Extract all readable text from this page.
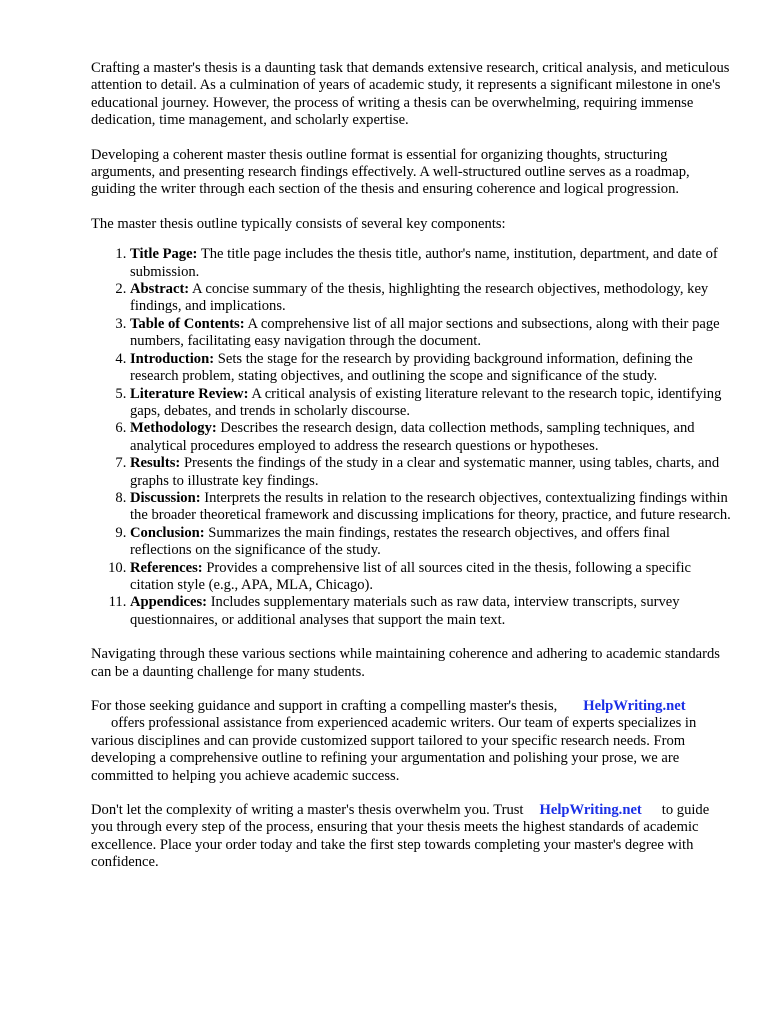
Crafting a master's thesis is a daunting task that demands extensive research, critical analysis, and meticulous attention to detail. As a culmination of years of academic study, it represents a significant milestone in one's educational journey. However, the process of writing a thesis can be overwhelming, requiring immense dedication, time management, and scholarly expertise.

Developing a coherent master thesis outline format is essential for organizing thoughts, structuring arguments, and presenting research findings effectively. A well-structured outline serves as a roadmap, guiding the writer through each section of the thesis and ensuring coherence and logical progression.

The master thesis outline typically consists of several key components:

1. Title Page: The title page includes the thesis title, author's name, institution, department, and date of submission.
2. Abstract: A concise summary of the thesis, highlighting the research objectives, methodology, key findings, and implications.
3. Table of Contents: A comprehensive list of all major sections and subsections, along with their page numbers, facilitating easy navigation through the document.
4. Introduction: Sets the stage for the research by providing background information, defining the research problem, stating objectives, and outlining the scope and significance of the study.
5. Literature Review: A critical analysis of existing literature relevant to the research topic, identifying gaps, debates, and trends in scholarly discourse.
6. Methodology: Describes the research design, data collection methods, sampling techniques, and analytical procedures employed to address the research questions or hypotheses.
7. Results: Presents the findings of the study in a clear and systematic manner, using tables, charts, and graphs to illustrate key findings.
8. Discussion: Interprets the results in relation to the research objectives, contextualizing findings within the broader theoretical framework and discussing implications for theory, practice, and future research.
9. Conclusion: Summarizes the main findings, restates the research objectives, and offers final reflections on the significance of the study.
10. References: Provides a comprehensive list of all sources cited in the thesis, following a specific citation style (e.g., APA, MLA, Chicago).
11. Appendices: Includes supplementary materials such as raw data, interview transcripts, survey questionnaires, or additional analyses that support the main text.

Navigating through these various sections while maintaining coherence and adhering to academic standards can be a daunting challenge for many students.

For those seeking guidance and support in crafting a compelling master's thesis, HelpWriting.net
offers professional assistance from experienced academic writers. Our team of experts specializes in various disciplines and can provide customized support tailored to your specific research needs. From developing a comprehensive outline to refining your argumentation and polishing your prose, we are committed to helping you achieve academic success.

Don't let the complexity of writing a master's thesis overwhelm you. Trust HelpWriting.net to guide you through every step of the process, ensuring that your thesis meets the highest standards of academic excellence. Place your order today and take the first step towards completing your master's degree with confidence.
